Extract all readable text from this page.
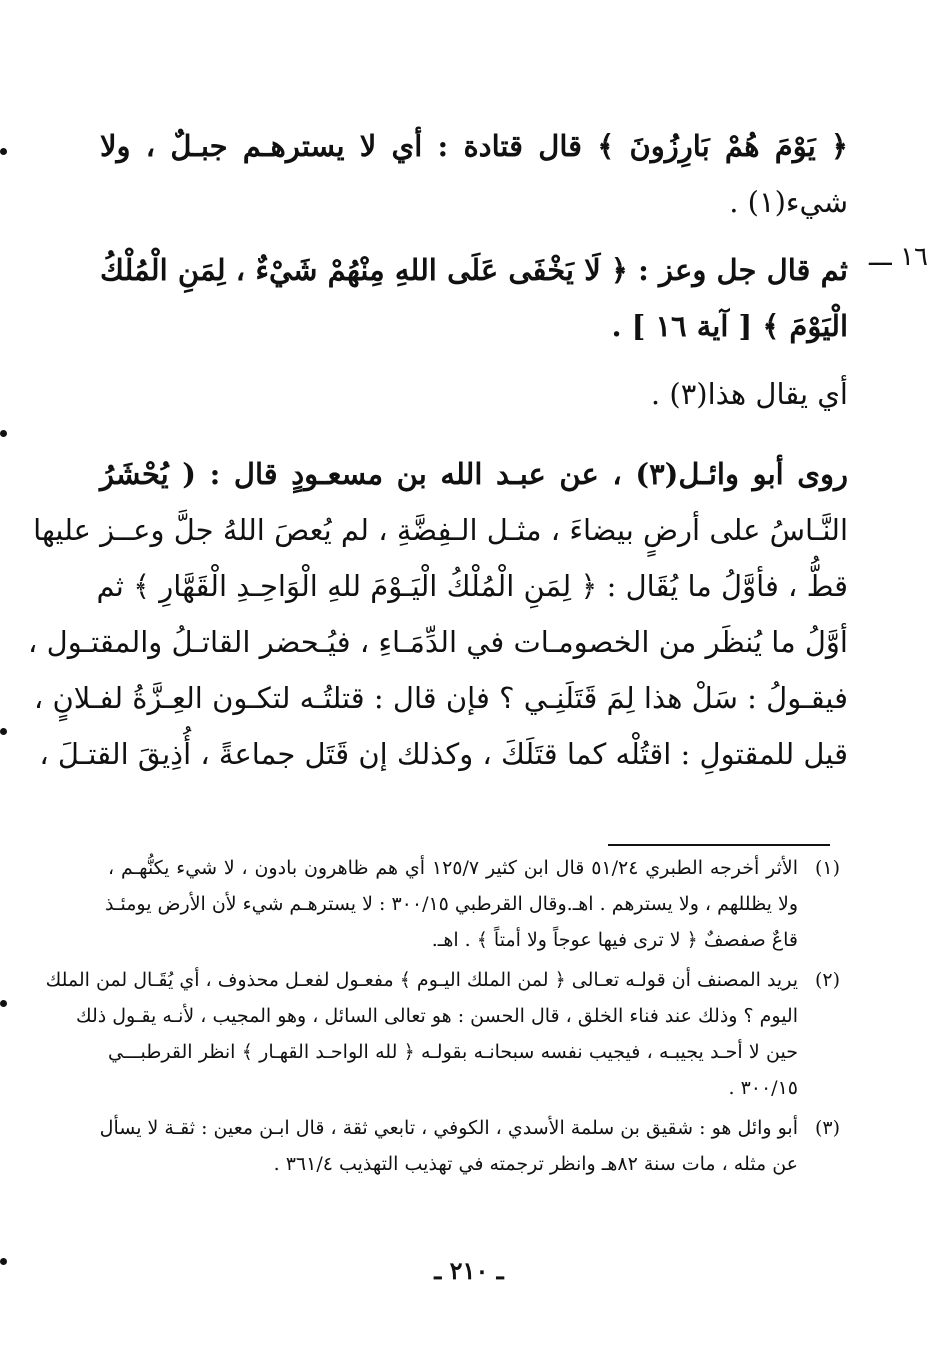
﴿ يَوْمَ هُمْ بَارِزُونَ ﴾ قال قتادة : أي لا يسترهـم جبـلٌ ، ولا
شيء(١) .
١٦ ـــ
ثم قال جل وعز : ﴿ لَا يَخْفَى عَلَى اللهِ مِنْهُمْ شَيْءٌ ، لِمَنِ الْمُلْكُ
الْيَوْمَ ﴾ [ آية ١٦ ] .
أي يقال هذا(٣) .
روى أبو وائـل(٣) ، عن عبـد الله بن مسعـودٍ قال : ( يُحْشَرُ
النَّـاسُ على أرضٍ بيضاءَ ، مثـل الـفِضَّةِ ، لم يُعصَ اللهُ جلَّ وعــز عليها
قطُّ ، فأوَّلُ ما يُقَال : ﴿ لِمَنِ الْمُلْكُ الْيَـوْمَ للهِ الْوَاحِـدِ الْقَهَّارِ ﴾ ثم
أوَّلُ ما يُنظَر من الخصومـات في الدِّمَـاءِ ، فيُـحضر القاتـلُ والمقتـول ،
فيقـولُ : سَلْ هذا لِمَ قَتَلَنِـي ؟ فإن قال : قتلتُـه لتكـون العِـزَّةُ لفـلانٍ ،
قيل للمقتولِ : اقتُلْه كما قتَلَكَ ، وكذلك إن قَتَل جماعةً ، أُذِيقَ القتـلَ ،
(١)
الأثر أخرجه الطبري ٥١/٢٤ قال ابن كثير ١٢٥/٧ أي هم ظاهرون بادون ، لا شيء يكنُّهـم ،
ولا يظللهم ، ولا يسترهم . اهـ.وقال القرطبي ٣٠٠/١٥ : لا يسترهـم شيء لأن الأرض يومئـذ
قاعٌ صفصفٌ ﴿ لا ترى فيها عوجاً ولا أمتاً ﴾ . اهـ.
(٢)
يريد المصنف أن قولـه تعـالى ﴿ لمن الملك اليـوم ﴾ مفعـول لفعـل محذوف ، أي يُقَـال لمن الملك
اليوم ؟ وذلك عند فناء الخلق ، قال الحسن : هو تعالى السائل ، وهو المجيب ، لأنـه يقـول ذلك
حين لا أحـد يجيبـه ، فيجيب نفسه سبحانـه بقولـه ﴿ لله الواحـد القهـار ﴾ انظر القرطبـــي
٣٠٠/١٥ .
(٣)
أبو وائل هو : شقيق بن سلمة الأسدي ، الكوفي ، تابعي ثقة ، قال ابـن معين : ثقـة لا يسأل
عن مثله ، مات سنة ٨٢هـ وانظر ترجمته في تهذيب التهذيب ٣٦١/٤ .
ـ ٢١٠ ـ
